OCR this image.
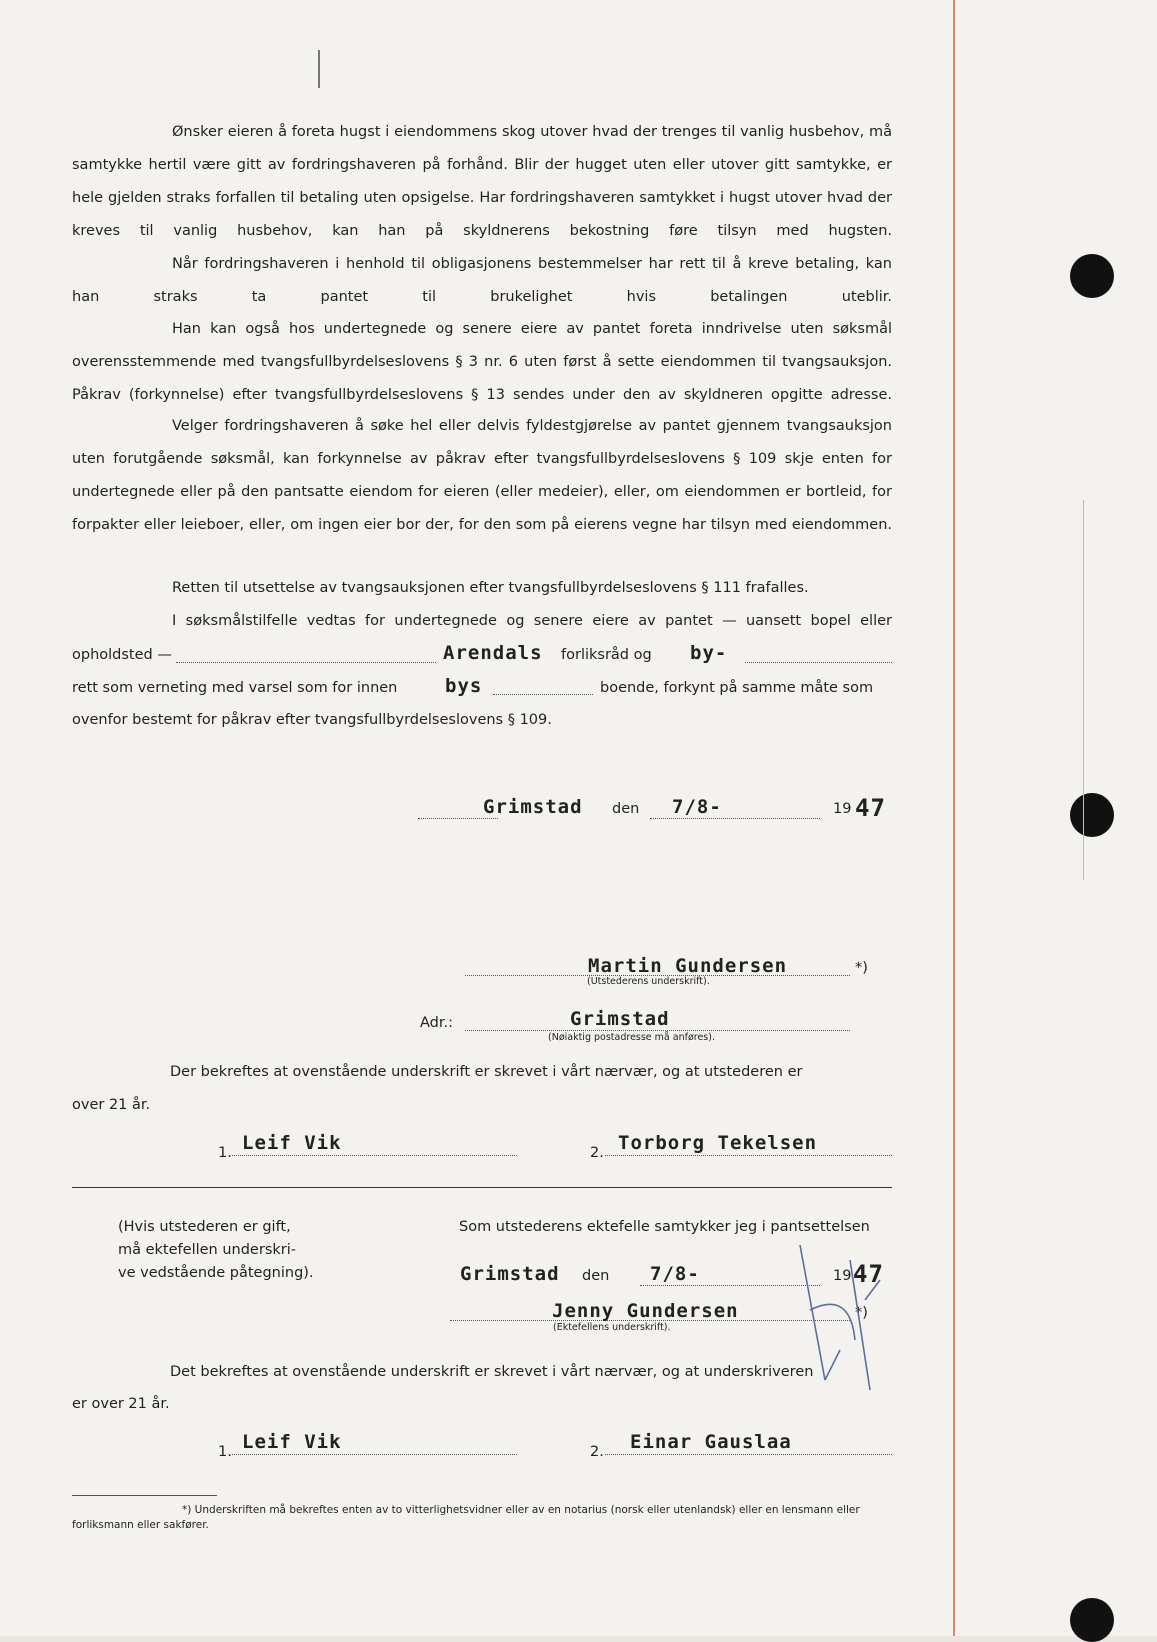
Ønsker eieren å foreta hugst i eiendommens skog utover hvad der trenges til vanlig husbehov, må samtykke hertil være gitt av fordringshaveren på forhånd. Blir der hugget uten eller utover gitt samtykke, er hele gjelden straks forfallen til betaling uten opsigelse. Har fordringshaveren samtykket i hugst utover hvad der kreves til vanlig husbehov, kan han på skyldnerens bekostning føre tilsyn med hugsten.

Når fordringshaveren i henhold til obligasjonens bestemmelser har rett til å kreve betaling, kan han straks ta pantet til brukelighet hvis betalingen uteblir.

Han kan også hos undertegnede og senere eiere av pantet foreta inndrivelse uten søksmål overensstemmende med tvangsfullbyrdelseslovens § 3 nr. 6 uten først å sette eiendommen til tvangsauksjon. Påkrav (forkynnelse) efter tvangsfullbyrdelseslovens § 13 sendes under den av skyldneren opgitte adresse.

Velger fordringshaveren å søke hel eller delvis fyldestgjørelse av pantet gjennem tvangsauksjon uten forutgående søksmål, kan forkynnelse av påkrav efter tvangsfullbyrdelseslovens § 109 skje enten for undertegnede eller på den pantsatte eiendom for eieren (eller medeier), eller, om eiendommen er bortleid, for forpakter eller leieboer, eller, om ingen eier bor der, for den som på eierens vegne har tilsyn med eiendommen.

Retten til utsettelse av tvangsauksjonen efter tvangsfullbyrdelseslovens § 111 frafalles.

I søksmålstilfelle vedtas for undertegnede og senere eiere av pantet — uansett bopel eller

opholdsted —	Arendals forliksråd og by-
rett som verneting med varsel som for innen	bys	boende, forkynt på samme måte som
ovenfor bestemt for påkrav efter tvangsfullbyrdelseslovens § 109.
Grimstad den 7/8-	19 47
Martin Gundersen	*)
(Utstederens underskrift).
Adr.:	Grimstad
(Nøiaktig postadresse må anføres).
Der bekreftes at ovenstående underskrift er skrevet i vårt nærvær, og at utstederen er
over 21 år.
1. Leif Vik	2. Torborg Tekelsen
(Hvis utstederen er gift,
må ektefellen underskri-
ve vedstående påtegning).
Som utstederens ektefelle samtykker jeg i pantsettelsen
Grimstad den 7/8-	19 47
Jenny Gundersen	*)
(Ektefellens underskrift).
Det bekreftes at ovenstående underskrift er skrevet i vårt nærvær, og at underskriveren
er over 21 år.
1. Leif Vik	2. Einar Gauslaa

*) Underskriften må bekreftes enten av to vitterlighetsvidner eller av en notarius (norsk eller utenlandsk) eller en lensmann eller forliksmann eller sakfører.
